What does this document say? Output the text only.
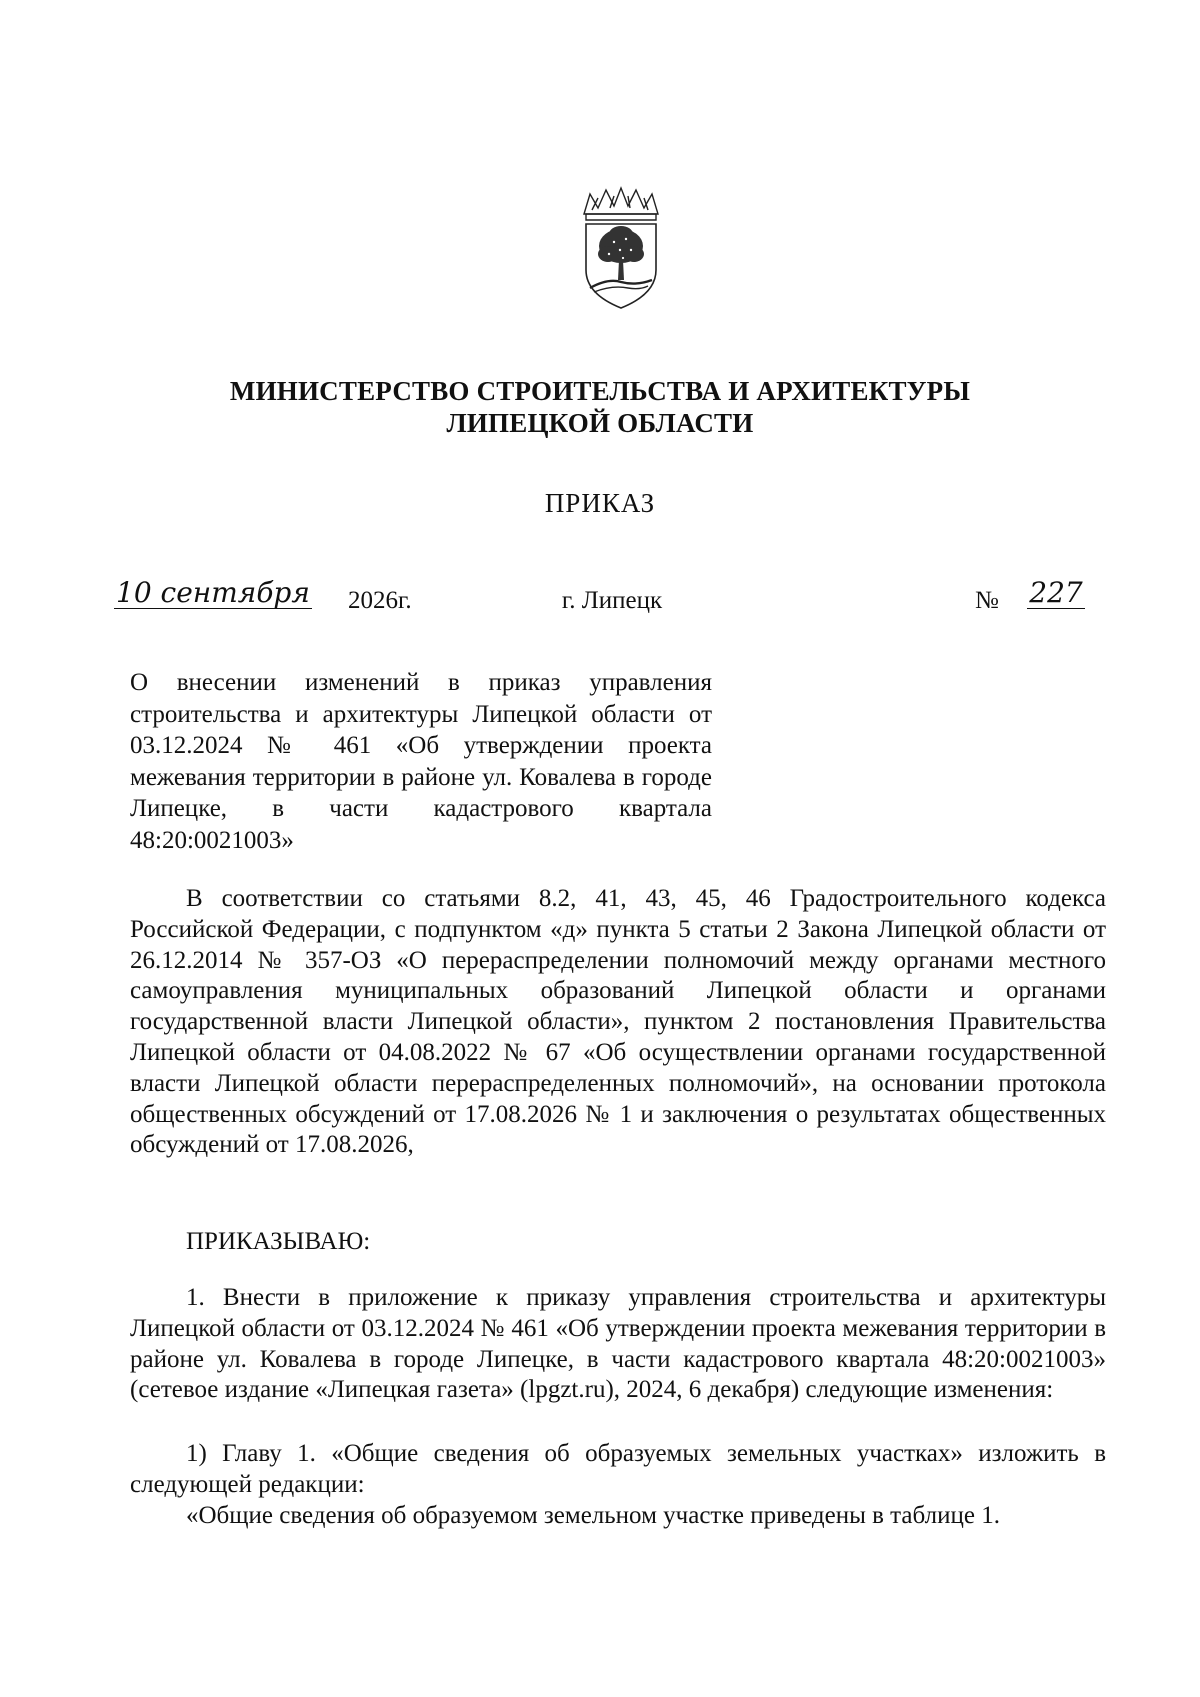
МИНИСТЕРСТВО СТРОИТЕЛЬСТВА И АРХИТЕКТУРЫ
ЛИПЕЦКОЙ ОБЛАСТИ
ПРИКАЗ
10 сентября	2026г.	г. Липецк	№	227
О внесении изменений в приказ управления строительства и архитектуры Липецкой области от 03.12.2024 № 461 «Об утверждении проекта межевания территории в районе ул. Ковалева в городе Липецке, в части кадастрового квартала 48:20:0021003»
В соответствии со статьями 8.2, 41, 43, 45, 46 Градостроительного кодекса Российской Федерации, с подпунктом «д» пункта 5 статьи 2 Закона Липецкой области от 26.12.2014 № 357-ОЗ «О перераспределении полномочий между органами местного самоуправления муниципальных образований Липецкой области и органами государственной власти Липецкой области», пунктом 2 постановления Правительства Липецкой области от 04.08.2022 № 67 «Об осуществлении органами государственной власти Липецкой области перераспределенных полномочий», на основании протокола общественных обсуждений от 17.08.2026 № 1 и заключения о результатах общественных обсуждений от 17.08.2026,
ПРИКАЗЫВАЮ:
1. Внести в приложение к приказу управления строительства и архитектуры Липецкой области от 03.12.2024 № 461 «Об утверждении проекта межевания территории в районе ул. Ковалева в городе Липецке, в части кадастрового квартала 48:20:0021003» (сетевое издание «Липецкая газета» (lpgzt.ru), 2024, 6 декабря) следующие изменения:
1) Главу 1. «Общие сведения об образуемых земельных участках» изложить в следующей редакции:
«Общие сведения об образуемом земельном участке приведены в таблице 1.
